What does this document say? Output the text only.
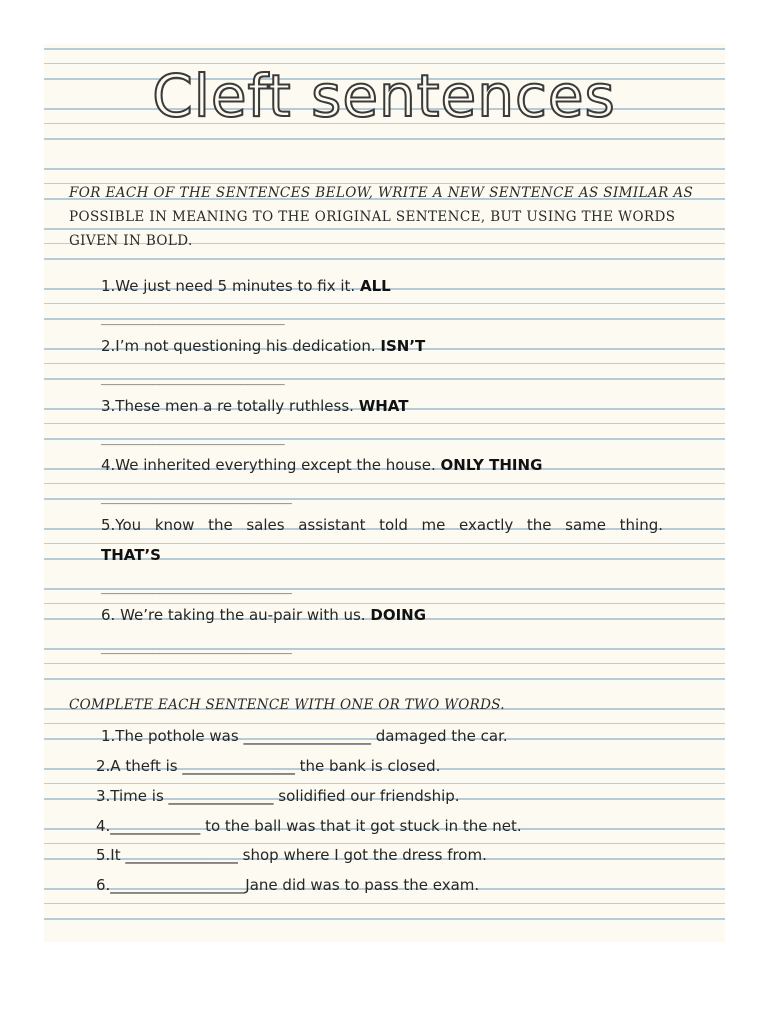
Cleft sentences
FOR EACH OF THE SENTENCES BELOW, WRITE A NEW SENTENCE AS SIMILAR AS POSSIBLE IN MEANING TO THE ORIGINAL SENTENCE, BUT USING THE WORDS GIVEN IN BOLD.
1.We just need 5 minutes to fix it. ALL
_________________________
2.I’m not questioning his dedication. ISN’T
_________________________
3.These men a re totally ruthless. WHAT
_________________________
4.We inherited everything except the house. ONLY THING
__________________________
5.You know the sales assistant told me exactly the same thing.
THAT’S
__________________________
6. We’re taking the au-pair with us. DOING
__________________________
COMPLETE EACH SENTENCE WITH ONE OR TWO WORDS.
1.The pothole was _________________ damaged the car.
2.A theft is _______________ the bank is closed.
3.Time is ______________ solidified our friendship.
4.____________ to the ball was that it got stuck in the net.
5.It _______________ shop where I got the dress from.
6.__________________Jane did was to pass the exam.
